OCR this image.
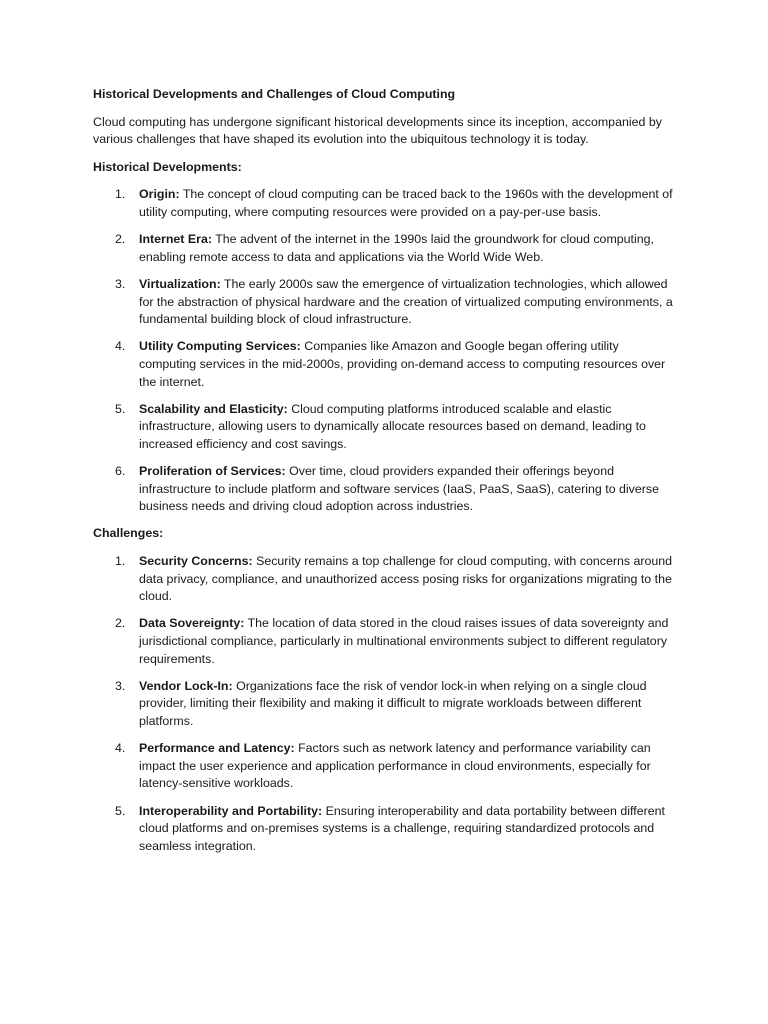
Historical Developments and Challenges of Cloud Computing
Cloud computing has undergone significant historical developments since its inception, accompanied by various challenges that have shaped its evolution into the ubiquitous technology it is today.
Historical Developments:
1. Origin: The concept of cloud computing can be traced back to the 1960s with the development of utility computing, where computing resources were provided on a pay-per-use basis.
2. Internet Era: The advent of the internet in the 1990s laid the groundwork for cloud computing, enabling remote access to data and applications via the World Wide Web.
3. Virtualization: The early 2000s saw the emergence of virtualization technologies, which allowed for the abstraction of physical hardware and the creation of virtualized computing environments, a fundamental building block of cloud infrastructure.
4. Utility Computing Services: Companies like Amazon and Google began offering utility computing services in the mid-2000s, providing on-demand access to computing resources over the internet.
5. Scalability and Elasticity: Cloud computing platforms introduced scalable and elastic infrastructure, allowing users to dynamically allocate resources based on demand, leading to increased efficiency and cost savings.
6. Proliferation of Services: Over time, cloud providers expanded their offerings beyond infrastructure to include platform and software services (IaaS, PaaS, SaaS), catering to diverse business needs and driving cloud adoption across industries.
Challenges:
1. Security Concerns: Security remains a top challenge for cloud computing, with concerns around data privacy, compliance, and unauthorized access posing risks for organizations migrating to the cloud.
2. Data Sovereignty: The location of data stored in the cloud raises issues of data sovereignty and jurisdictional compliance, particularly in multinational environments subject to different regulatory requirements.
3. Vendor Lock-In: Organizations face the risk of vendor lock-in when relying on a single cloud provider, limiting their flexibility and making it difficult to migrate workloads between different platforms.
4. Performance and Latency: Factors such as network latency and performance variability can impact the user experience and application performance in cloud environments, especially for latency-sensitive workloads.
5. Interoperability and Portability: Ensuring interoperability and data portability between different cloud platforms and on-premises systems is a challenge, requiring standardized protocols and seamless integration.
